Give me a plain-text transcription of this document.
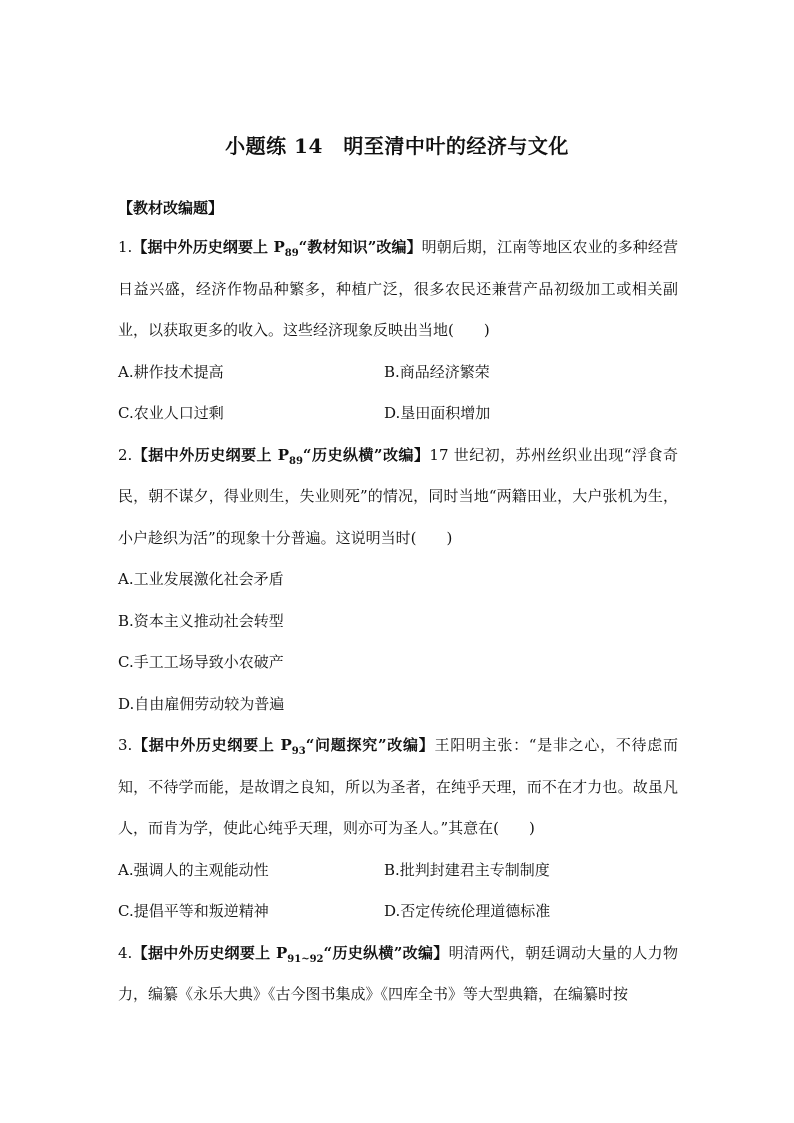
小题练 14　明至清中叶的经济与文化
【教材改编题】

1.【据中外历史纲要上 $P_{89}“$教材知识”改编】明朝后期，江南等地区农业的多种经营日益兴盛，经济作物品种繁多，种植广泛，很多农民还兼营产品初级加工或相关副业，以获取更多的收入。这些经济现象反映出当地(　　)

A.耕作技术提高	B.商品经济繁荣
C.农业人口过剩	D.垦田面积增加

2.【据中外历史纲要上 $P_{89}“$历史纵横”改编】17 世纪初，苏州丝织业出现“浮食奇民，朝不谋夕，得业则生，失业则死”的情况，同时当地“两籍田业，大户张机为生，小户趁织为活”的现象十分普遍。这说明当时(　　)

A.工业发展激化社会矛盾

B.资本主义推动社会转型

C.手工工场导致小农破产

D.自由雇佣劳动较为普遍

3.【据中外历史纲要上 $P_{93}“$问题探究”改编】王阳明主张：“是非之心，不待虑而知，不待学而能，是故谓之良知，所以为圣者，在纯乎天理，而不在才力也。故虽凡人，而肯为学，使此心纯乎天理，则亦可为圣人。”其意在(　　)

A.强调人的主观能动性	B.批判封建君主专制制度
C.提倡平等和叛逆精神	D.否定传统伦理道德标准

4.【据中外历史纲要上 $P_{91\sim 92}“$历史纵横”改编】明清两代，朝廷调动大量的人力物力，编纂《永乐大典》《古今图书集成》《四库全书》等大型典籍，在编纂时按
